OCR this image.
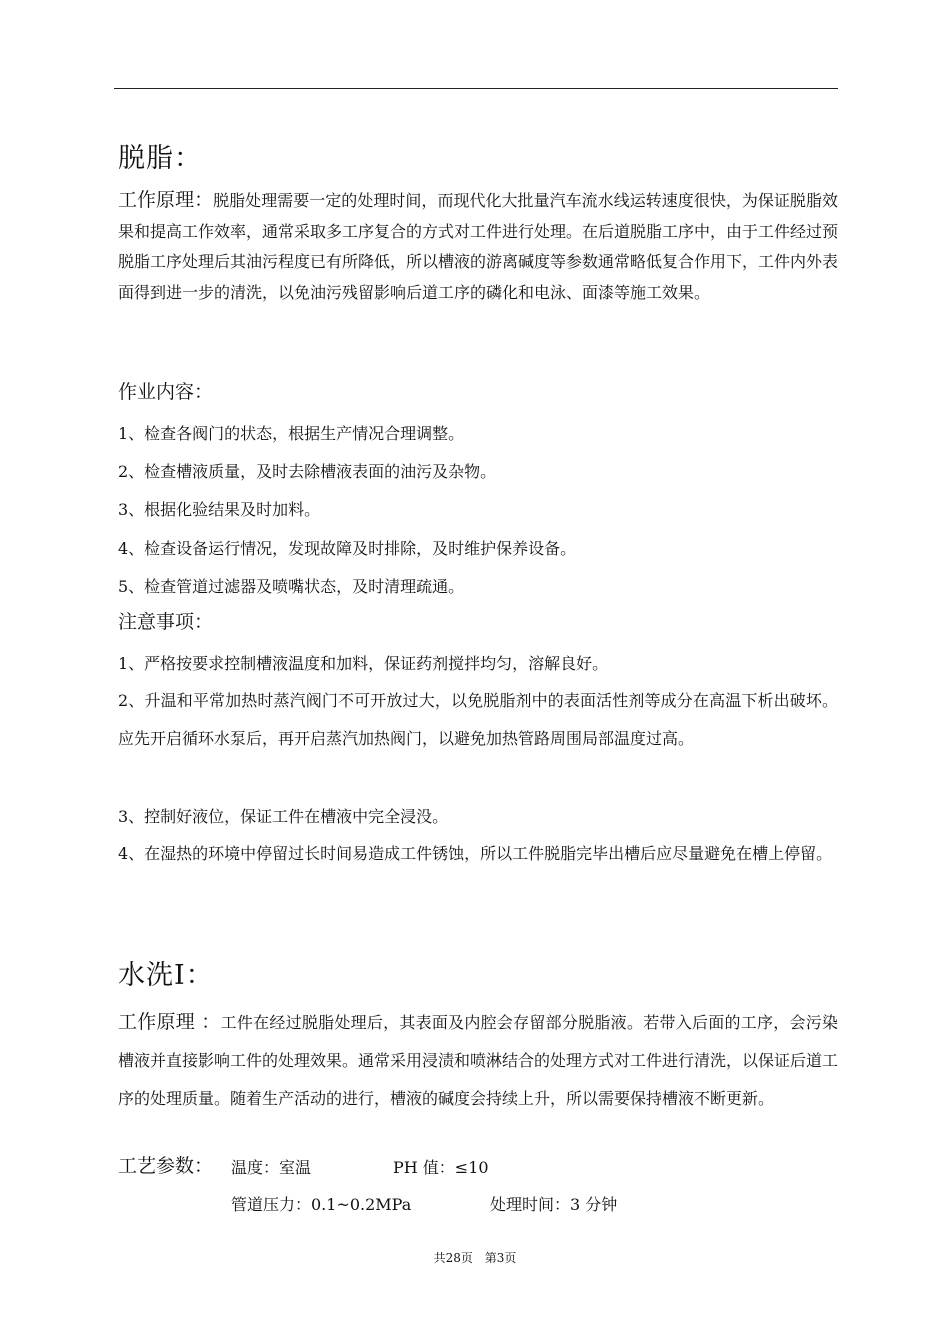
脱脂：
工作原理：脱脂处理需要一定的处理时间，而现代化大批量汽车流水线运转速度很快，为保证脱脂效果和提高工作效率，通常采取多工序复合的方式对工件进行处理。在后道脱脂工序中，由于工件经过预脱脂工序处理后其油污程度已有所降低，所以槽液的游离碱度等参数通常略低复合作用下，工件内外表面得到进一步的清洗，以免油污残留影响后道工序的磷化和电泳、面漆等施工效果。
作业内容：
1、检查各阀门的状态，根据生产情况合理调整。
2、检查槽液质量，及时去除槽液表面的油污及杂物。
3、根据化验结果及时加料。
4、检查设备运行情况，发现故障及时排除，及时维护保养设备。
5、检查管道过滤器及喷嘴状态，及时清理疏通。
注意事项：
1、严格按要求控制槽液温度和加料，保证药剂搅拌均匀，溶解良好。
2、升温和平常加热时蒸汽阀门不可开放过大，以免脱脂剂中的表面活性剂等成分在高温下析出破坏。应先开启循环水泵后，再开启蒸汽加热阀门，以避免加热管路周围局部温度过高。
3、控制好液位，保证工件在槽液中完全浸没。
4、在湿热的环境中停留过长时间易造成工件锈蚀，所以工件脱脂完毕出槽后应尽量避免在槽上停留。
水洗Ⅰ：
工作原理 ：工件在经过脱脂处理后，其表面及内腔会存留部分脱脂液。若带入后面的工序，会污染槽液并直接影响工件的处理效果。通常采用浸渍和喷淋结合的处理方式对工件进行清洗，以保证后道工序的处理质量。随着生产活动的进行，槽液的碱度会持续上升，所以需要保持槽液不断更新。
工艺参数： 温度：室温	PH 值：≤10
管道压力：0.1~0.2MPa	处理时间：3 分钟
共28页 第3页
